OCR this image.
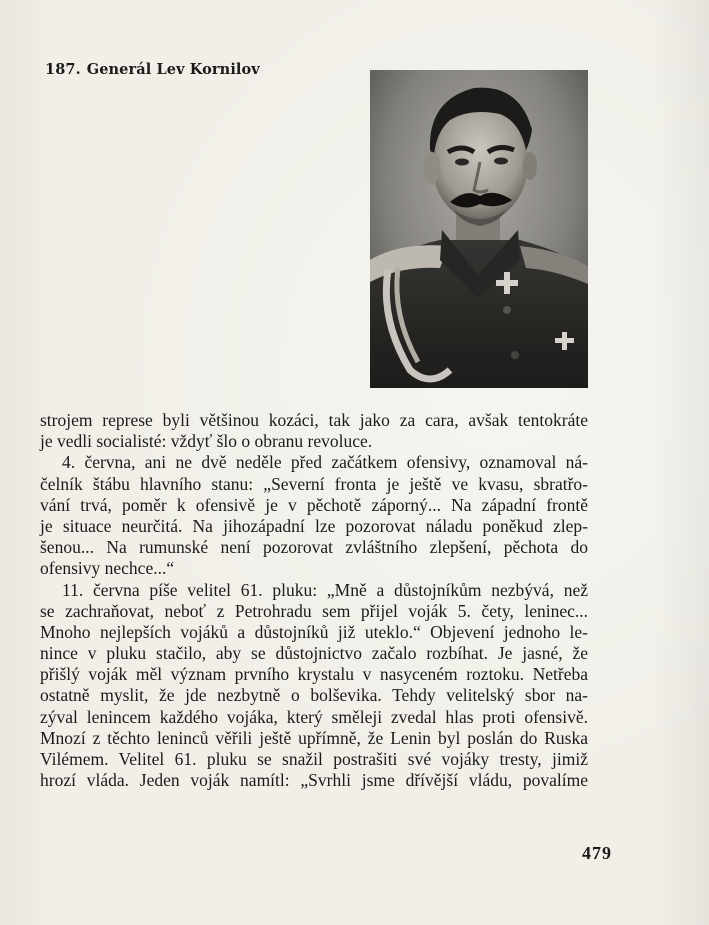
187. Generál Lev Kornilov
strojem represe byli většinou kozáci, tak jako za cara, avšak tentokráte
je vedli socialisté: vždyť šlo o obranu revoluce.
4. června, ani ne dvě neděle před začátkem ofensivy, oznamoval ná-
čelník štábu hlavního stanu: „Severní fronta je ještě ve kvasu, sbratřo-
vání trvá, poměr k ofensivě je v pěchotě záporný... Na západní frontě
je situace neurčitá. Na jihozápadní lze pozorovat náladu poněkud zlep-
šenou... Na rumunské není pozorovat zvláštního zlepšení, pěchota do
ofensivy nechce...“
11. června píše velitel 61. pluku: „Mně a důstojníkům nezbývá, než
se zachraňovat, neboť z Petrohradu sem přijel voják 5. čety, leninec...
Mnoho nejlepších vojáků a důstojníků již uteklo.“ Objevení jednoho le-
nince v pluku stačilo, aby se důstojnictvo začalo rozbíhat. Je jasné, že
přišlý voják měl význam prvního krystalu v nasyceném roztoku. Netřeba
ostatně myslit, že jde nezbytně o bolševika. Tehdy velitelský sbor na-
zýval lenincem každého vojáka, který směleji zvedal hlas proti ofensivě.
Mnozí z těchto leninců věřili ještě upřímně, že Lenin byl poslán do Ruska
Vilémem. Velitel 61. pluku se snažil postrašiti své vojáky tresty, jimiž
hrozí vláda. Jeden voják namítl: „Svrhli jsme dřívější vládu, povalíme
479
